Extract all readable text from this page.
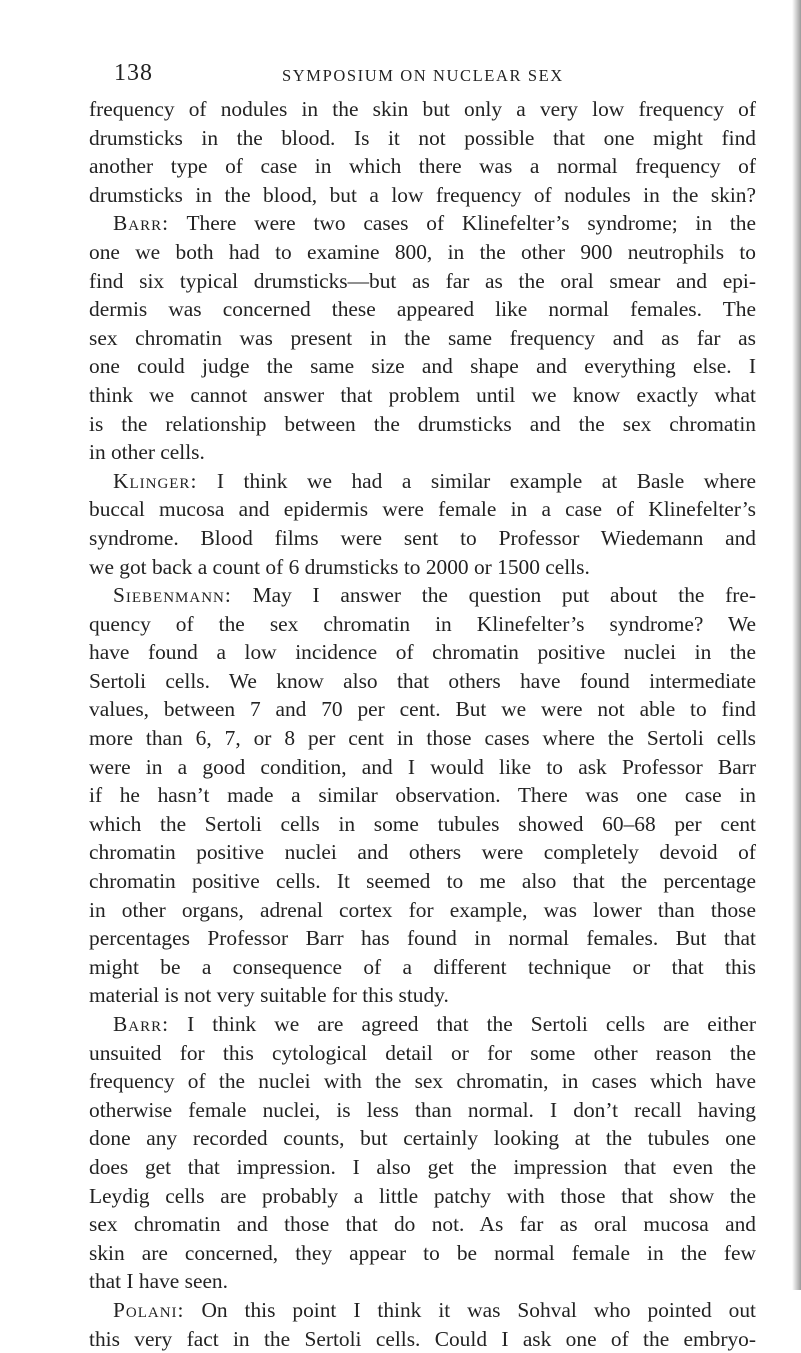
138	SYMPOSIUM ON NUCLEAR SEX
frequency of nodules in the skin but only a very low frequency of
drumsticks in the blood. Is it not possible that one might find
another type of case in which there was a normal frequency of
drumsticks in the blood, but a low frequency of nodules in the skin?
Barr: There were two cases of Klinefelter’s syndrome; in the
one we both had to examine 800, in the other 900 neutrophils to
find six typical drumsticks—but as far as the oral smear and epi-
dermis was concerned these appeared like normal females. The
sex chromatin was present in the same frequency and as far as
one could judge the same size and shape and everything else. I
think we cannot answer that problem until we know exactly what
is the relationship between the drumsticks and the sex chromatin
in other cells.
Klinger: I think we had a similar example at Basle where
buccal mucosa and epidermis were female in a case of Klinefelter’s
syndrome. Blood films were sent to Professor Wiedemann and
we got back a count of 6 drumsticks to 2000 or 1500 cells.
Siebenmann: May I answer the question put about the fre-
quency of the sex chromatin in Klinefelter’s syndrome? We
have found a low incidence of chromatin positive nuclei in the
Sertoli cells. We know also that others have found intermediate
values, between 7 and 70 per cent. But we were not able to find
more than 6, 7, or 8 per cent in those cases where the Sertoli cells
were in a good condition, and I would like to ask Professor Barr
if he hasn’t made a similar observation. There was one case in
which the Sertoli cells in some tubules showed 60–68 per cent
chromatin positive nuclei and others were completely devoid of
chromatin positive cells. It seemed to me also that the percentage
in other organs, adrenal cortex for example, was lower than those
percentages Professor Barr has found in normal females. But that
might be a consequence of a different technique or that this
material is not very suitable for this study.
Barr: I think we are agreed that the Sertoli cells are either
unsuited for this cytological detail or for some other reason the
frequency of the nuclei with the sex chromatin, in cases which have
otherwise female nuclei, is less than normal. I don’t recall having
done any recorded counts, but certainly looking at the tubules one
does get that impression. I also get the impression that even the
Leydig cells are probably a little patchy with those that show the
sex chromatin and those that do not. As far as oral mucosa and
skin are concerned, they appear to be normal female in the few
that I have seen.
Polani: On this point I think it was Sohval who pointed out
this very fact in the Sertoli cells. Could I ask one of the embryo-
